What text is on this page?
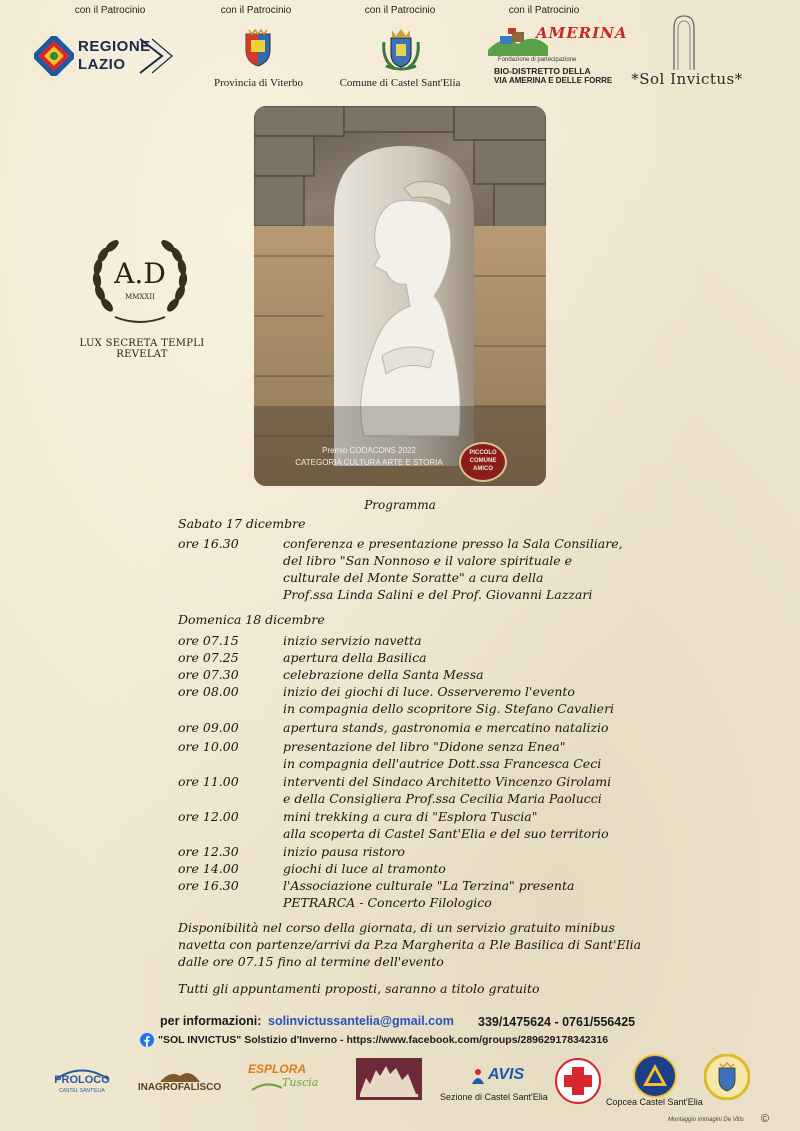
con il Patrocinio	con il Patrocinio	con il Patrocinio	con il Patrocinio
REGIONE
LAZIO
Provincia di Viterbo	Comune di Castel Sant'Elia
AMERINA
Fondazione di partecipazione
BIO-DISTRETTO DELLA
VIA AMERINA E DELLE FORRE	*Sol Invictus*
A.D
MMXXII
LUX SECRETA TEMPLI REVELAT
Premio CODACONS 2022
CATEGORIA CULTURA ARTE E STORIA
PICCOLO
COMUNE
AMICO
Programma
Sabato 17 dicembre
ore 16.30	conferenza e presentazione presso la Sala Consiliare,
del libro "San Nonnoso e il valore spirituale e
culturale del Monte Soratte" a cura della
Prof.ssa Linda Salini e del Prof. Giovanni Lazzari
Domenica 18 dicembre
ore 07.15	inizio servizio navetta
ore 07.25	apertura della Basilica
ore 07.30	celebrazione della Santa Messa
ore 08.00	inizio dei giochi di luce. Osserveremo l'evento
in compagnia dello scopritore Sig. Stefano Cavalieri
ore 09.00	apertura stands, gastronomia e mercatino natalizio
ore 10.00	presentazione del libro "Didone senza Enea"
in compagnia dell'autrice Dott.ssa Francesca Ceci
ore 11.00	interventi del Sindaco Architetto Vincenzo Girolami
e della Consigliera Prof.ssa Cecilia Maria Paolucci
ore 12.00	mini trekking a cura di "Esplora Tuscia"
alla scoperta di Castel Sant'Elia e del suo territorio
ore 12.30	inizio pausa ristoro
ore 14.00	giochi di luce al tramonto
ore 16.30	l'Associazione culturale "La Terzina" presenta
PETRARCA - Concerto Filologico
Disponibilità nel corso della giornata, di un servizio gratuito minibus
navetta con partenze/arrivi da P.za Margherita a P.le Basilica di Sant'Elia
dalle ore 07.15 fino al termine dell'evento
Tutti gli appuntamenti proposti, saranno a titolo gratuito
per informazioni: solinvictussantelia@gmail.com 339/1475624 - 0761/556425
"SOL INVICTUS" Solstizio d'Inverno - https://www.facebook.com/groups/289629178342316
PROLOCO
CASTEL SANT'ELIA	INAGROFALISCO
ESPLORA
Tuscia	AVIS
Sezione di Castel Sant'Elia	Copcea Castel Sant'Elia
Montaggio immagini De Vitis ©
